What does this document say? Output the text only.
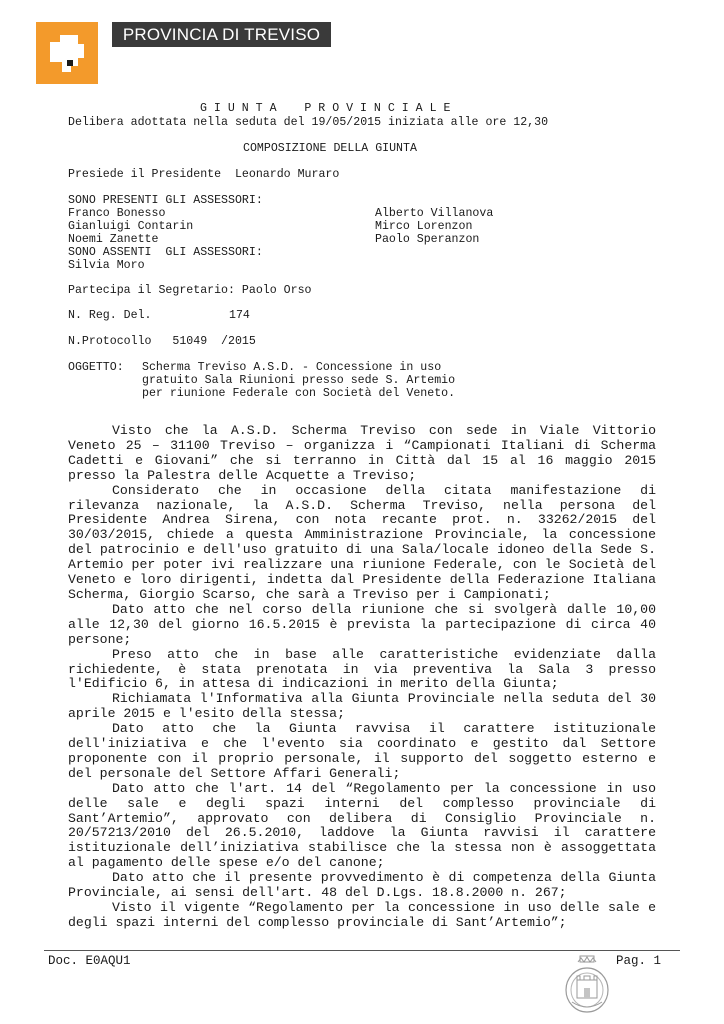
PROVINCIA DI TREVISO
G I U N T A    P R O V I N C I A L E
Delibera adottata nella seduta del 19/05/2015 iniziata alle ore 12,30
COMPOSIZIONE DELLA GIUNTA
Presiede il Presidente  Leonardo Muraro
SONO PRESENTI GLI ASSESSORI:
Franco Bonesso
Gianluigi Contarin
Noemi Zanette
Alberto Villanova
Mirco Lorenzon
Paolo Speranzon
SONO ASSENTI  GLI ASSESSORI:
Silvia Moro
Partecipa il Segretario: Paolo Orso
N. Reg. Del.	174
N.Protocollo   51049  /2015
OGGETTO: Scherma Treviso A.S.D. - Concessione in uso
gratuito Sala Riunioni presso sede S. Artemio
per riunione Federale con Società del Veneto.

Visto che la A.S.D. Scherma Treviso con sede in Viale Vittorio Veneto 25 – 31100 Treviso – organizza i “Campionati Italiani di Scherma Cadetti e Giovani” che si terranno in Città dal 15 al 16 maggio 2015 presso la Palestra delle Acquette a Treviso;

Considerato che in occasione della citata manifestazione di rilevanza nazionale, la A.S.D. Scherma Treviso, nella persona del Presidente Andrea Sirena, con nota recante prot. n. 33262/2015 del 30/03/2015, chiede a questa Amministrazione Provinciale, la concessione del patrocinio e dell'uso gratuito di una Sala/locale idoneo della Sede S. Artemio per poter ivi realizzare una riunione Federale, con le Società del Veneto e loro dirigenti, indetta dal Presidente della Federazione Italiana Scherma, Giorgio Scarso, che sarà a Treviso per i Campionati;

Dato atto che nel corso della riunione che si svolgerà dalle 10,00 alle 12,30 del giorno 16.5.2015 è prevista la partecipazione di circa 40 persone;

Preso atto che in base alle caratteristiche evidenziate dalla richiedente, è stata prenotata in via preventiva la Sala 3 presso l'Edificio 6, in attesa di indicazioni in merito della Giunta;

Richiamata l'Informativa alla Giunta Provinciale nella seduta del 30 aprile 2015 e l'esito della stessa;

Dato atto che la Giunta ravvisa il carattere istituzionale dell'iniziativa e che l'evento sia coordinato e gestito dal Settore proponente con il proprio personale, il supporto del soggetto esterno e del personale del Settore Affari Generali;

Dato atto che l'art. 14 del “Regolamento per la concessione in uso delle sale e degli spazi interni del complesso provinciale di Sant’Artemio”, approvato con delibera di Consiglio Provinciale n. 20/57213/2010 del 26.5.2010, laddove la Giunta ravvisi il carattere istituzionale dell’iniziativa stabilisce che la stessa non è assoggettata al pagamento delle spese e/o del canone;

Dato atto che il presente provvedimento è di competenza della Giunta Provinciale, ai sensi dell'art. 48 del D.Lgs. 18.8.2000 n. 267;

Visto il vigente “Regolamento per la concessione in uso delle sale e degli spazi interni del complesso provinciale di Sant’Artemio”;

Doc. E0AQU1	Pag. 1
